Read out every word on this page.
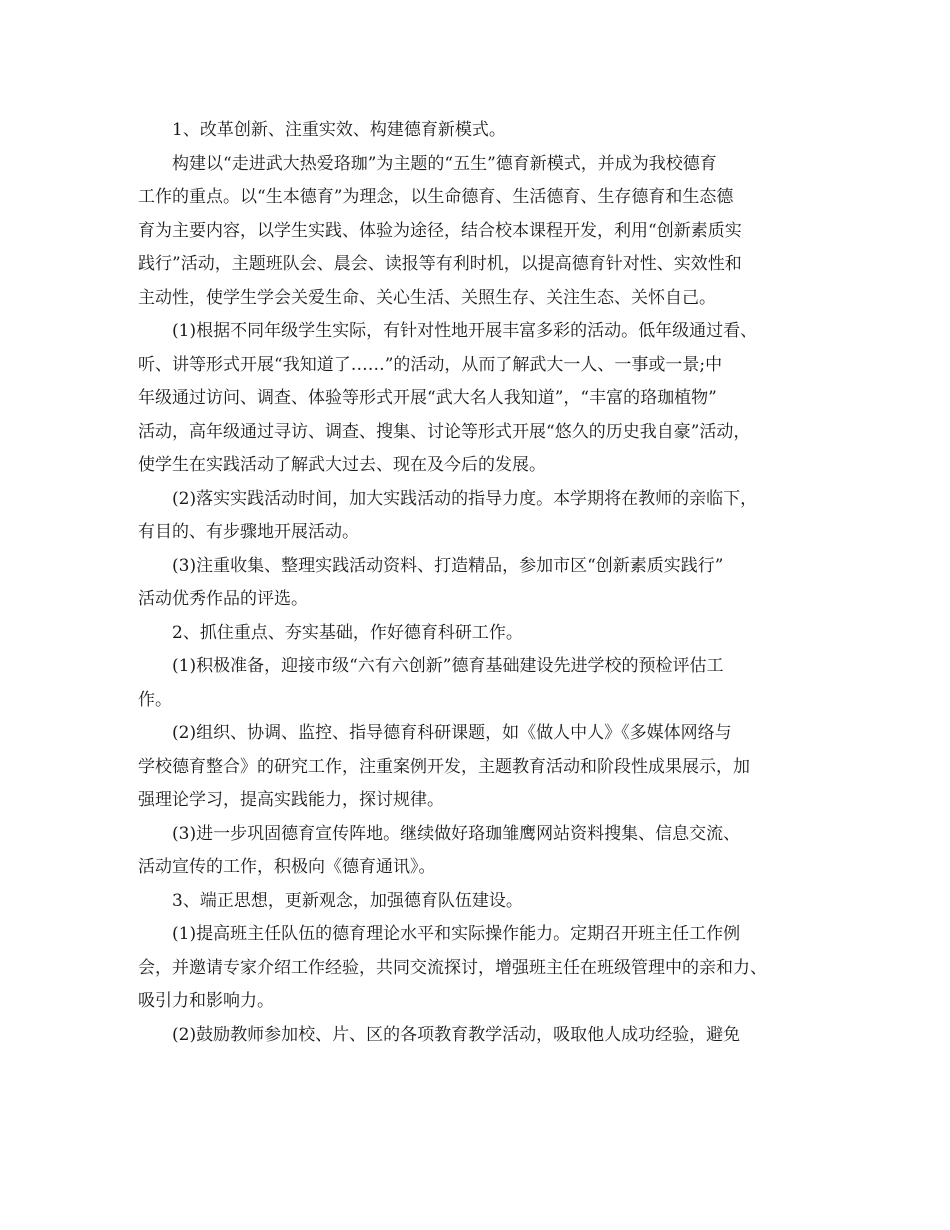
1、改革创新、注重实效、构建德育新模式。

构建以“走进武大热爱珞珈”为主题的“五生”德育新模式，并成为我校德育
工作的重点。以“生本德育”为理念，以生命德育、生活德育、生存德育和生态德
育为主要内容，以学生实践、体验为途径，结合校本课程开发，利用“创新素质实
践行”活动，主题班队会、晨会、读报等有利时机，以提高德育针对性、实效性和
主动性，使学生学会关爱生命、关心生活、关照生存、关注生态、关怀自己。

(1)根据不同年级学生实际，有针对性地开展丰富多彩的活动。低年级通过看、
听、讲等形式开展“我知道了……”的活动，从而了解武大一人、一事或一景;中
年级通过访问、调查、体验等形式开展“武大名人我知道”，“丰富的珞珈植物”
活动，高年级通过寻访、调查、搜集、讨论等形式开展“悠久的历史我自豪”活动，
使学生在实践活动了解武大过去、现在及今后的发展。

(2)落实实践活动时间，加大实践活动的指导力度。本学期将在教师的亲临下，
有目的、有步骤地开展活动。

(3)注重收集、整理实践活动资料、打造精品，参加市区“创新素质实践行”
活动优秀作品的评选。

2、抓住重点、夯实基础，作好德育科研工作。

(1)积极准备，迎接市级“六有六创新”德育基础建设先进学校的预检评估工
作。

(2)组织、协调、监控、指导德育科研课题，如《做人中人》《多媒体网络与
学校德育整合》的研究工作，注重案例开发，主题教育活动和阶段性成果展示，加
强理论学习，提高实践能力，探讨规律。

(3)进一步巩固德育宣传阵地。继续做好珞珈雏鹰网站资料搜集、信息交流、
活动宣传的工作，积极向《德育通讯》。

3、端正思想，更新观念，加强德育队伍建设。

(1)提高班主任队伍的德育理论水平和实际操作能力。定期召开班主任工作例
会，并邀请专家介绍工作经验，共同交流探讨，增强班主任在班级管理中的亲和力、
吸引力和影响力。

(2)鼓励教师参加校、片、区的各项教育教学活动，吸取他人成功经验，避免
